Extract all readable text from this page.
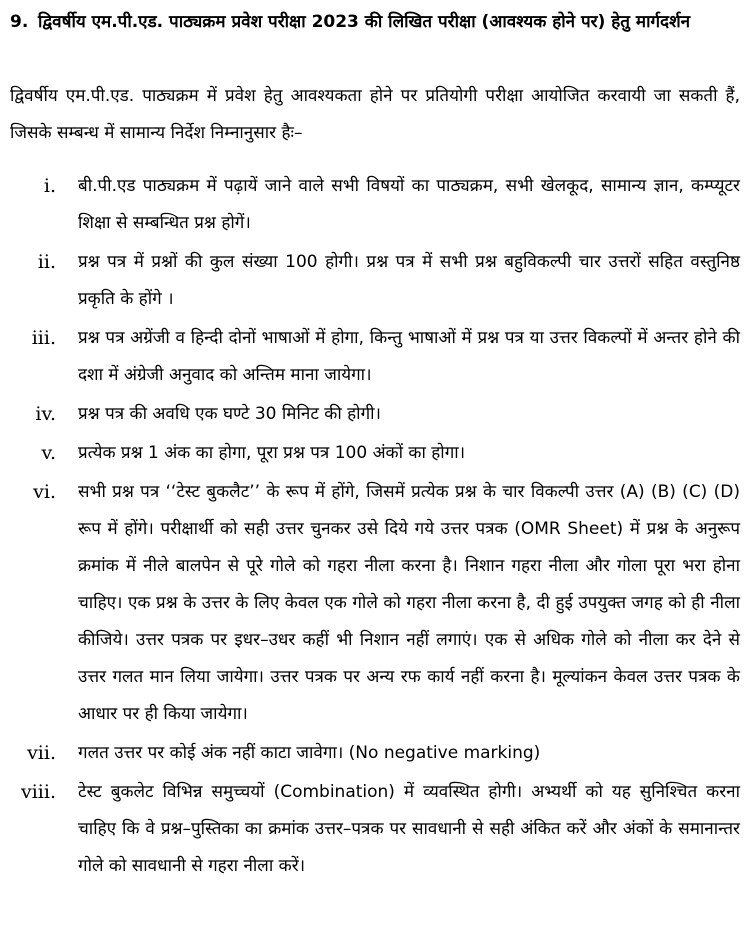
9. द्विवर्षीय एम.पी.एड. पाठ्यक्रम प्रवेश परीक्षा 2023 की लिखित परीक्षा (आवश्यक होने पर) हेतु मार्गदर्शन
द्विवर्षीय एम.पी.एड. पाठ्यक्रम में प्रवेश हेतु आवश्यकता होने पर प्रतियोगी परीक्षा आयोजित करवायी जा सकती हैं, जिसके सम्बन्ध में सामान्य निर्देश निम्नानुसार हैः–
i.	बी.पी.एड पाठ्यक्रम में पढ़ायें जाने वाले सभी विषयों का पाठ्यक्रम, सभी खेलकूद, सामान्य ज्ञान, कम्प्यूटर शिक्षा से सम्बन्धित प्रश्न होगें।
ii.	प्रश्न पत्र में प्रश्नों की कुल संख्या 100 होगी। प्रश्न पत्र में सभी प्रश्न बहुविकल्पी चार उत्तरों सहित वस्तुनिष्ठ प्रकृति के होंगे ।
iii.	प्रश्न पत्र अग्रेंजी व हिन्दी दोनों भाषाओं में होगा, किन्तु भाषाओं में प्रश्न पत्र या उत्तर विकल्पों में अन्तर होने की दशा में अंग्रेजी अनुवाद को अन्तिम माना जायेगा।
iv.	प्रश्न पत्र की अवधि एक घण्टे 30 मिनिट की होगी।
v.	प्रत्येक प्रश्न 1 अंक का होगा, पूरा प्रश्न पत्र 100 अंकों का होगा।
vi.	सभी प्रश्न पत्र ‘‘टेस्ट बुकलैट’’ के रूप में होंगे, जिसमें प्रत्येक प्रश्न के चार विकल्पी उत्तर (A) (B) (C) (D) रूप में होंगे। परीक्षार्थी को सही उत्तर चुनकर उसे दिये गये उत्तर पत्रक (OMR Sheet) में प्रश्न के अनुरूप क्रमांक में नीले बालपेन से पूरे गोले को गहरा नीला करना है। निशान गहरा नीला और गोला पूरा भरा होना चाहिए। एक प्रश्न के उत्तर के लिए केवल एक गोले को गहरा नीला करना है, दी हुई उपयुक्त जगह को ही नीला कीजिये। उत्तर पत्रक पर इधर–उधर कहीं भी निशान नहीं लगाएं। एक से अधिक गोले को नीला कर देने से उत्तर गलत मान लिया जायेगा। उत्तर पत्रक पर अन्य रफ कार्य नहीं करना है। मूल्यांकन केवल उत्तर पत्रक के आधार पर ही किया जायेगा।
vii.	गलत उत्तर पर कोई अंक नहीं काटा जावेगा। (No negative marking)
viii.	टेस्ट बुकलेट विभिन्न समुच्चयों (Combination) में व्यवस्थित होगी। अभ्यर्थी को यह सुनिश्चित करना चाहिए कि वे प्रश्न–पुस्तिका का क्रमांक उत्तर–पत्रक पर सावधानी से सही अंकित करें और अंकों के समानान्तर गोले को सावधानी से गहरा नीला करें।
